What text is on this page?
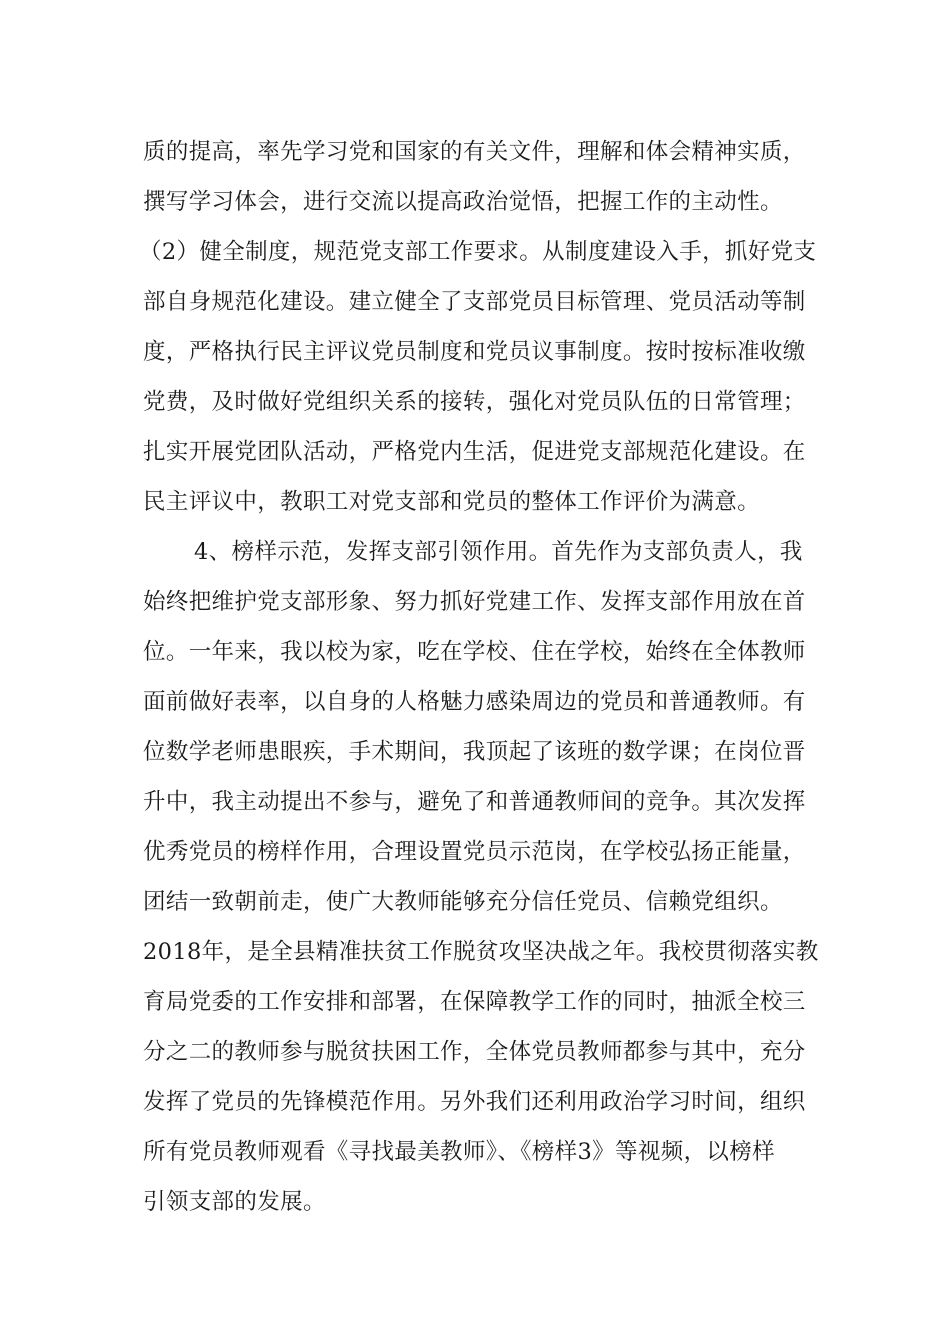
质的提高，率先学习党和国家的有关文件，理解和体会精神实质，
撰写学习体会，进行交流以提高政治觉悟，把握工作的主动性。
（2）健全制度，规范党支部工作要求。从制度建设入手，抓好党支
部自身规范化建设。建立健全了支部党员目标管理、党员活动等制
度，严格执行民主评议党员制度和党员议事制度。按时按标准收缴
党费，及时做好党组织关系的接转，强化对党员队伍的日常管理；
扎实开展党团队活动，严格党内生活，促进党支部规范化建设。在
民主评议中，教职工对党支部和党员的整体工作评价为满意。
4、榜样示范，发挥支部引领作用。首先作为支部负责人，我
始终把维护党支部形象、努力抓好党建工作、发挥支部作用放在首
位。一年来，我以校为家，吃在学校、住在学校，始终在全体教师
面前做好表率，以自身的人格魅力感染周边的党员和普通教师。有
位数学老师患眼疾，手术期间，我顶起了该班的数学课；在岗位晋
升中，我主动提出不参与，避免了和普通教师间的竞争。其次发挥
优秀党员的榜样作用，合理设置党员示范岗，在学校弘扬正能量，
团结一致朝前走，使广大教师能够充分信任党员、信赖党组织。
2018年，是全县精准扶贫工作脱贫攻坚决战之年。我校贯彻落实教
育局党委的工作安排和部署，在保障教学工作的同时，抽派全校三
分之二的教师参与脱贫扶困工作，全体党员教师都参与其中，充分
发挥了党员的先锋模范作用。另外我们还利用政治学习时间，组织
所有党员教师观看《寻找最美教师》、《榜样3》等视频，以榜样
引领支部的发展。
